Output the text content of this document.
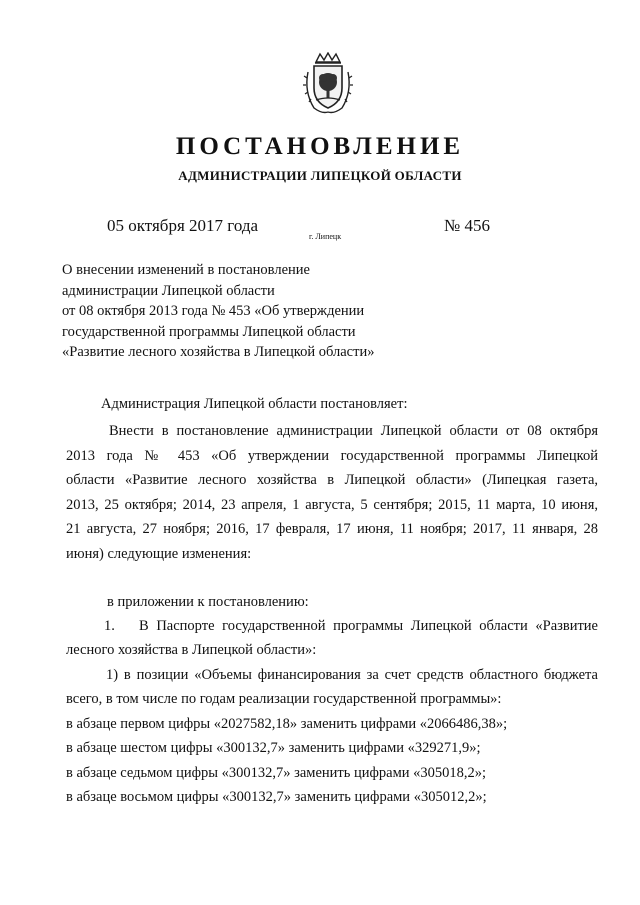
ПОСТАНОВЛЕНИЕ
АДМИНИСТРАЦИИ ЛИПЕЦКОЙ ОБЛАСТИ
05 октября 2017 года
г. Липецк
№ 456
О внесении изменений в постановление
администрации Липецкой области
от 08 октября 2013 года № 453 «Об утверждении
государственной программы Липецкой области
«Развитие лесного хозяйства в Липецкой области»
Администрация Липецкой области постановляет:
Внести в постановление администрации Липецкой области от 08 октября
2013 года № 453 «Об утверждении государственной программы Липецкой
области «Развитие лесного хозяйства в Липецкой области» (Липецкая газета,
2013, 25 октября; 2014, 23 апреля, 1 августа, 5 сентября; 2015, 11 марта, 10 июня,
21 августа, 27 ноября; 2016, 17 февраля, 17 июня, 11 ноября; 2017, 11 января, 28
июня) следующие изменения:
в приложении к постановлению:
1. В Паспорте государственной программы Липецкой области «Развитие
лесного хозяйства в Липецкой области»:
1) в позиции «Объемы финансирования за счет средств областного бюджета
всего, в том числе по годам реализации государственной программы»:
в абзаце первом цифры «2027582,18» заменить цифрами «2066486,38»;
в абзаце шестом цифры «300132,7» заменить цифрами «329271,9»;
в абзаце седьмом цифры «300132,7» заменить цифрами «305018,2»;
в абзаце восьмом цифры «300132,7» заменить цифрами «305012,2»;
